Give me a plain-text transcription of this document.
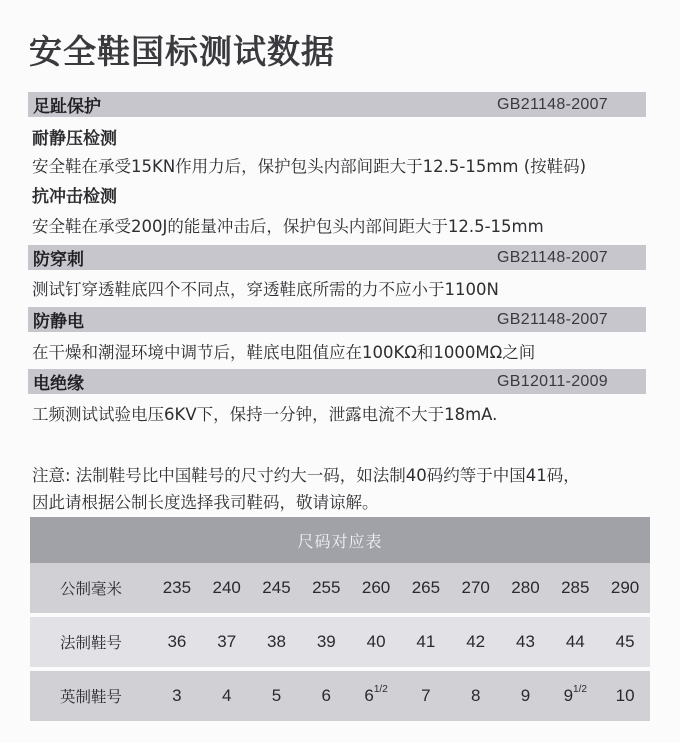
安全鞋国标测试数据
足趾保护	GB21148-2007
耐静压检测
安全鞋在承受15KN作用力后，保护包头内部间距大于12.5-15mm (按鞋码)
抗冲击检测
安全鞋在承受200J的能量冲击后，保护包头内部间距大于12.5-15mm
防穿刺	GB21148-2007
测试钉穿透鞋底四个不同点，穿透鞋底所需的力不应小于1100N
防静电	GB21148-2007
在干燥和潮湿环境中调节后，鞋底电阻值应在100KΩ和1000MΩ之间
电绝缘	GB12011-2009
工频测试试验电压6KV下，保持一分钟，泄露电流不大于18mA.
注意: 法制鞋号比中国鞋号的尺寸约大一码，如法制40码约等于中国41码，
因此请根据公制长度选择我司鞋码，敬请谅解。
尺码对应表
公制毫米	235	240	245	255	260	265	270	280	285	290
法制鞋号	36	37	38	39	40	41	42	43	44	45
英制鞋号	3	4	5	6	$6^{1/2}$	7	8	9	$9^{1/2}$	10
